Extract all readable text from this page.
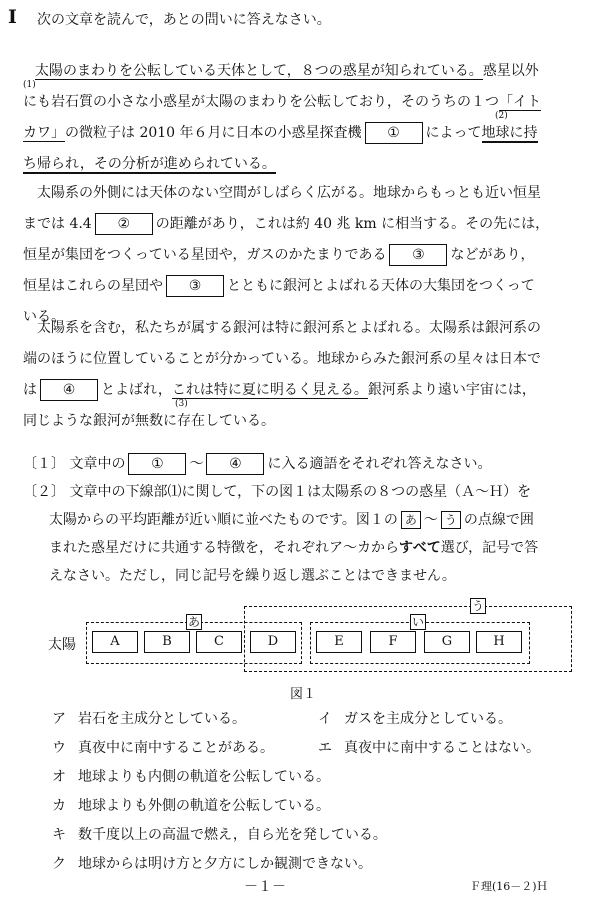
I 次の文章を読んで，あとの問いに答えなさい。
(1)
太陽のまわりを公転している天体として，８つの惑星が知られている。惑星以外
(2)
にも岩石質の小さな小惑星が太陽のまわりを公転しており，そのうちの１つ「イト
カワ」の微粒子は 2010 年６月に日本の小惑星探査機 ① によって地球に持
ち帰られ，その分析が進められている。
太陽系の外側には天体のない空間がしばらく広がる。地球からもっとも近い恒星
までは 4.4 ② の距離があり，これは約 40 兆 km に相当する。その先には，
恒星が集団をつくっている星団や，ガスのかたまりである ③ などがあり，
恒星はこれらの星団や ③ とともに銀河とよばれる天体の大集団をつくって
いる。
太陽系を含む，私たちが属する銀河は特に銀河系とよばれる。太陽系は銀河系の
端のほうに位置していることが分かっている。地球からみた銀河系の星々は日本で
(3)
は ④ とよばれ，これは特に夏に明るく見える。銀河系より遠い宇宙には，
同じような銀河が無数に存在している。
〔１〕 文章中の ① ～ ④ に入る適語をそれぞれ答えなさい。
〔２〕 文章中の下線部⑴に関して，下の図１は太陽系の８つの惑星（Ａ～Ｈ）を
太陽からの平均距離が近い順に並べたものです。図１の あ ～ う の点線で囲
まれた惑星だけに共通する特徴を，それぞれア～カからすべて選び，記号で答
えなさい。ただし，同じ記号を繰り返し選ぶことはできません。
太陽
あ	い
う
A	B	C	D	E	F	G	H
図１
ア 岩石を主成分としている。	イ ガスを主成分としている。
ウ 真夜中に南中することがある。	エ 真夜中に南中することはない。
オ 地球よりも内側の軌道を公転している。
カ 地球よりも外側の軌道を公転している。
キ 数千度以上の高温で燃え，自ら光を発している。
ク 地球からは明け方と夕方にしか観測できない。
－１－	Ｆ理(16－２)Ｈ
